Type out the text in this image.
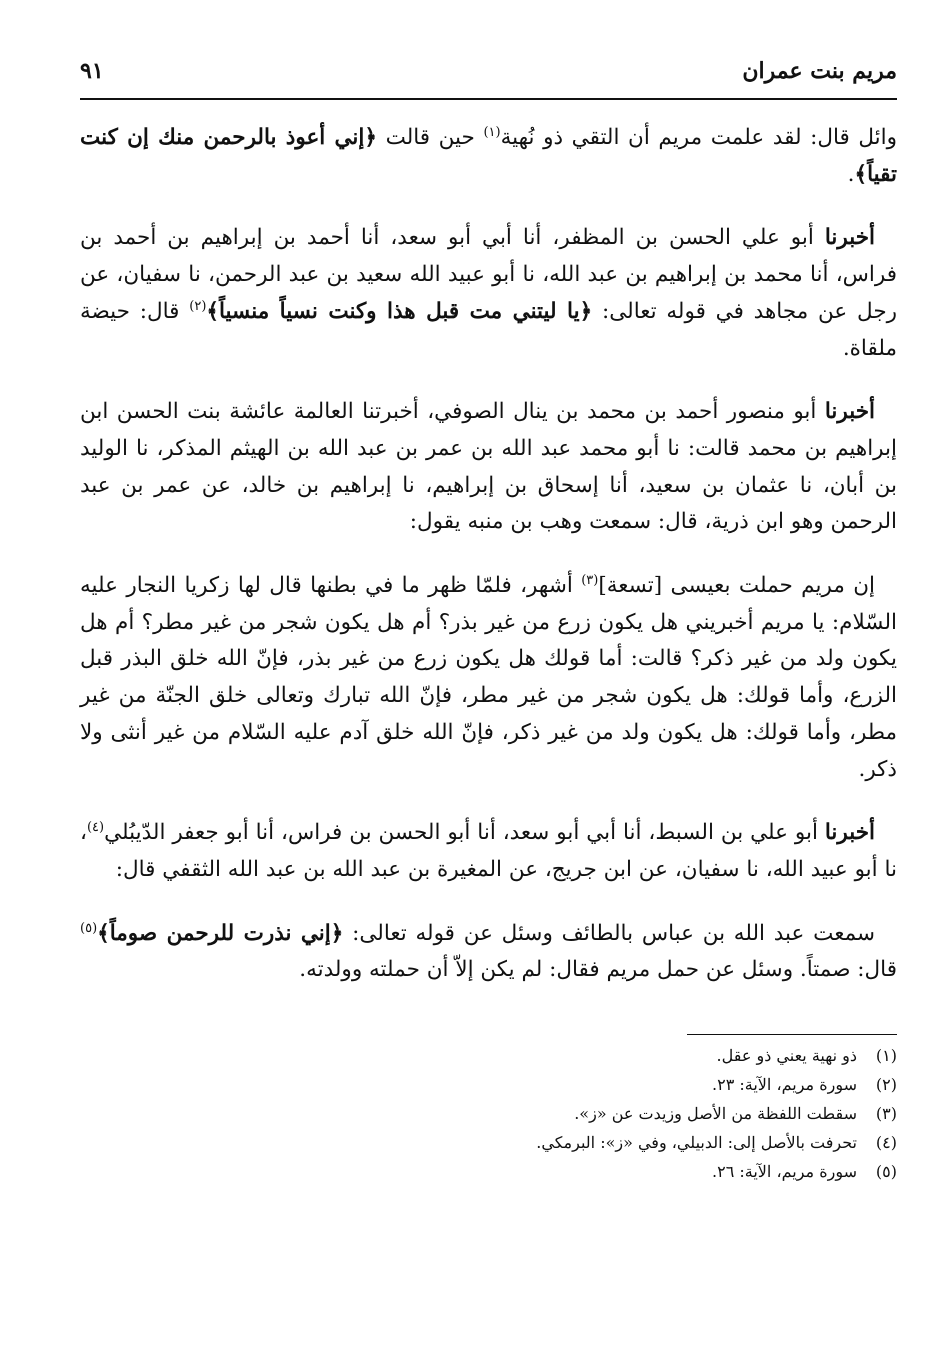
مريم بنت عمران
٩١

وائل قال: لقد علمت مريم أن التقي ذو نُهية$^{(١)}$ حين قالت ﴿إني أعوذ بالرحمن منك إن كنت تقياً﴾.

أخبرنا أبو علي الحسن بن المظفر، أنا أبي أبو سعد، أنا أحمد بن إبراهيم بن أحمد بن فراس، أنا محمد بن إبراهيم بن عبد الله، نا أبو عبيد الله سعيد بن عبد الرحمن، نا سفيان، عن رجل عن مجاهد في قوله تعالى: ﴿يا ليتني مت قبل هذا وكنت نسياً منسياً﴾$^{(٢)}$ قال: حيضة ملقاة.

أخبرنا أبو منصور أحمد بن محمد بن ينال الصوفي، أخبرتنا العالمة عائشة بنت الحسن ابن إبراهيم بن محمد قالت: نا أبو محمد عبد الله بن عمر بن عبد الله بن الهيثم المذكر، نا الوليد بن أبان، نا عثمان بن سعيد، أنا إسحاق بن إبراهيم، نا إبراهيم بن خالد، عن عمر بن عبد الرحمن وهو ابن ذرية، قال: سمعت وهب بن منبه يقول:

إن مريم حملت بعيسى [تسعة]$^{(٣)}$ أشهر، فلمّا ظهر ما في بطنها قال لها زكريا النجار عليه السّلام: يا مريم أخبريني هل يكون زرع من غير بذر؟ أم هل يكون شجر من غير مطر؟ أم هل يكون ولد من غير ذكر؟ قالت: أما قولك هل يكون زرع من غير بذر، فإنّ الله خلق البذر قبل الزرع، وأما قولك: هل يكون شجر من غير مطر، فإنّ الله تبارك وتعالى خلق الجنّة من غير مطر، وأما قولك: هل يكون ولد من غير ذكر، فإنّ الله خلق آدم عليه السّلام من غير أنثى ولا ذكر.

أخبرنا أبو علي بن السبط، أنا أبي أبو سعد، أنا أبو الحسن بن فراس، أنا أبو جعفر الدّيبُلي$^{(٤)}$، نا أبو عبيد الله، نا سفيان، عن ابن جريج، عن المغيرة بن عبد الله بن عبد الله الثقفي قال:

سمعت عبد الله بن عباس بالطائف وسئل عن قوله تعالى: ﴿إني نذرت للرحمن صوماً﴾$^{(٥)}$ قال: صمتاً. وسئل عن حمل مريم فقال: لم يكن إلاّ أن حملته وولدته.

(١)
ذو نهية يعني ذو عقل.
(٢)
سورة مريم، الآية: ٢٣.
(٣)
سقطت اللفظة من الأصل وزيدت عن «ز».
(٤)
تحرفت بالأصل إلى: الدبيلي، وفي «ز»: البرمكي.
(٥)
سورة مريم، الآية: ٢٦.
